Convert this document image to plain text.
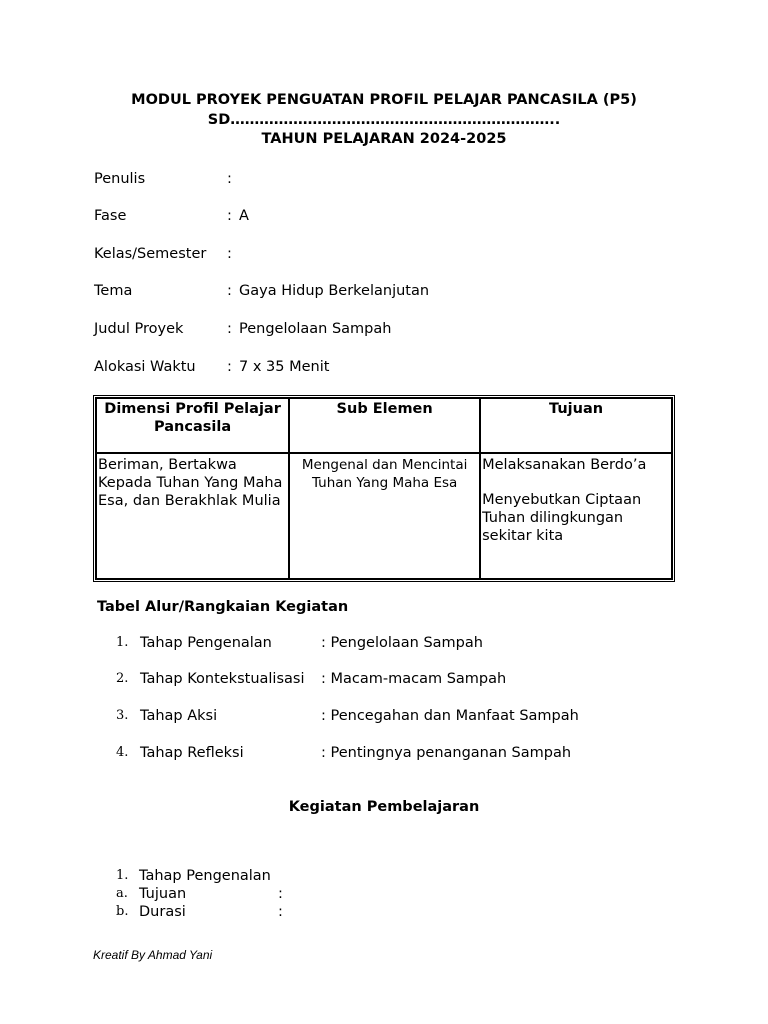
MODUL PROYEK PENGUATAN PROFIL PELAJAR PANCASILA (P5)
SD…………………………………………………………..
TAHUN PELAJARAN 2024-2025
Penulis	:
Fase	: A
Kelas/Semester :
Tema	: Gaya Hidup Berkelanjutan
Judul Proyek	: Pengelolaan Sampah
Alokasi Waktu : 7 x 35 Menit
Dimensi Profil Pelajar Pancasila	Sub Elemen	Tujuan
Beriman, Bertakwa Kepada Tuhan Yang Maha Esa, dan Berakhlak Mulia	Mengenal dan Mencintai Tuhan Yang Maha Esa	Melaksanakan Berdo’a
Menyebutkan Ciptaan Tuhan dilingkungan sekitar kita
Tabel Alur/Rangkaian Kegiatan
1. Tahap Pengenalan	: Pengelolaan Sampah
2. Tahap Kontekstualisasi : Macam-macam Sampah
3. Tahap Aksi	: Pencegahan dan Manfaat Sampah
4. Tahap Refleksi	: Pentingnya penanganan Sampah
Kegiatan Pembelajaran
1. Tahap Pengenalan
a. Tujuan	:
b. Durasi	:
Kreatif By Ahmad Yani
